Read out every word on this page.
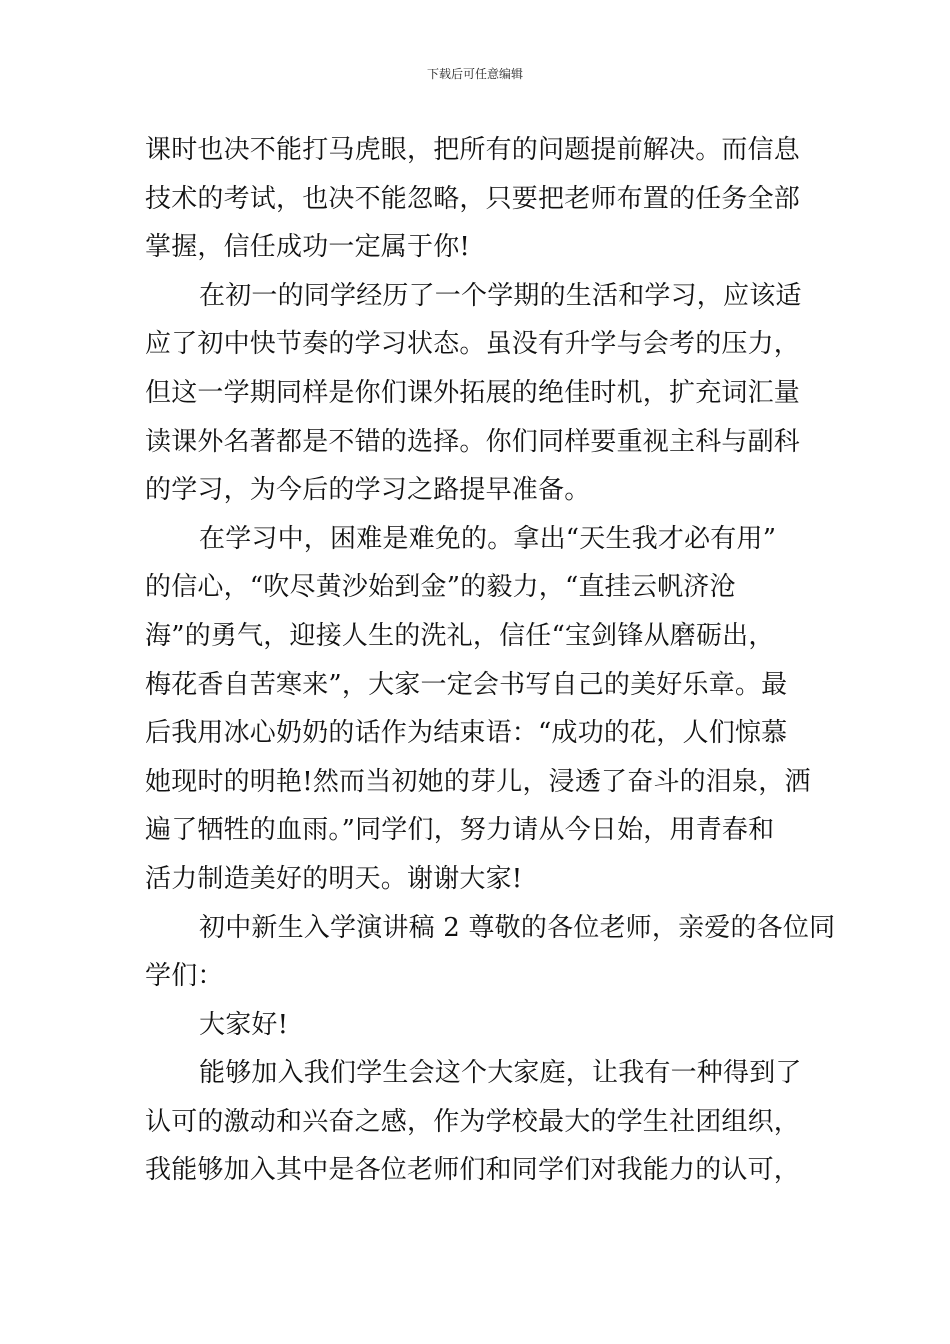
下载后可任意编辑
课时也决不能打马虎眼，把所有的问题提前解决。而信息
技术的考试，也决不能忽略，只要把老师布置的任务全部
掌握，信任成功一定属于你!
在初一的同学经历了一个学期的生活和学习，应该适
应了初中快节奏的学习状态。虽没有升学与会考的压力，
但这一学期同样是你们课外拓展的绝佳时机，扩充词汇量
读课外名著都是不错的选择。你们同样要重视主科与副科
的学习，为今后的学习之路提早准备。
在学习中，困难是难免的。拿出“天生我才必有用”
的信心，“吹尽黄沙始到金”的毅力，“直挂云帆济沧
海”的勇气，迎接人生的洗礼，信任“宝剑锋从磨砺出，
梅花香自苦寒来”，大家一定会书写自己的美好乐章。最
后我用冰心奶奶的话作为结束语：“成功的花，人们惊慕
她现时的明艳!然而当初她的芽儿，浸透了奋斗的泪泉，洒
遍了牺牲的血雨。”同学们，努力请从今日始，用青春和
活力制造美好的明天。谢谢大家!
初中新生入学演讲稿 2 尊敬的各位老师，亲爱的各位同
学们：
大家好!
能够加入我们学生会这个大家庭，让我有一种得到了
认可的激动和兴奋之感，作为学校最大的学生社团组织，
我能够加入其中是各位老师们和同学们对我能力的认可，
